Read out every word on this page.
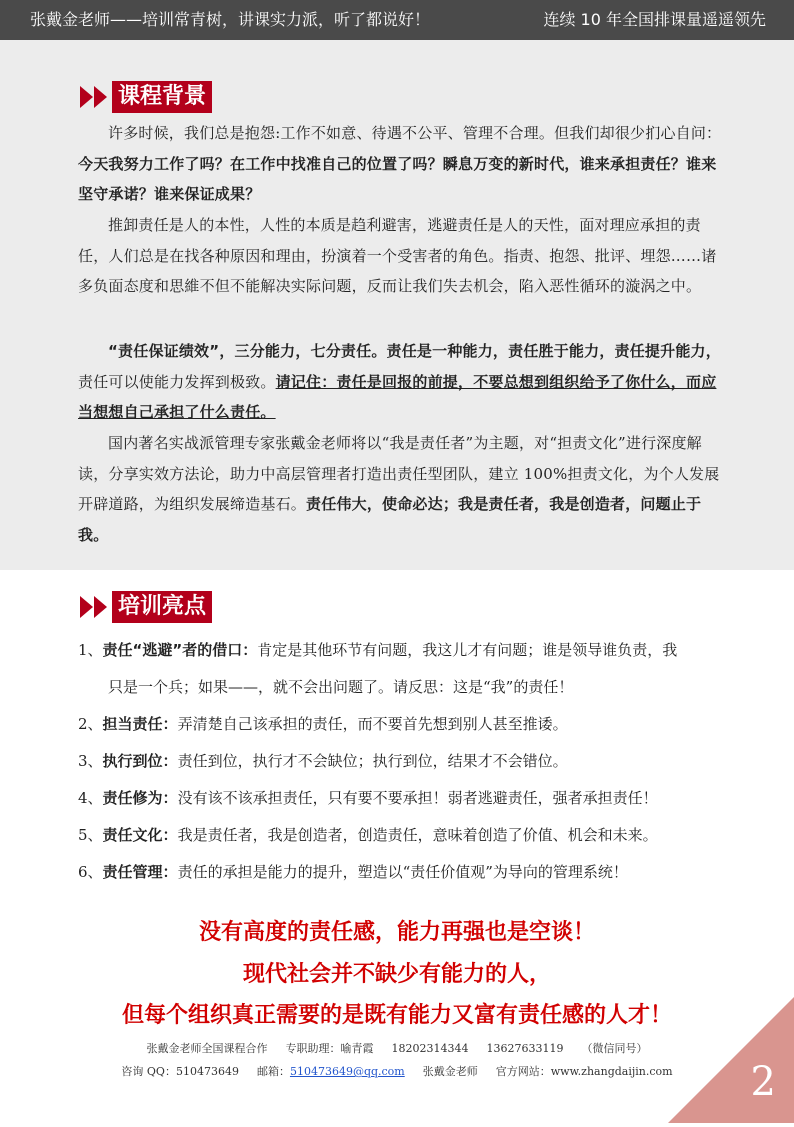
张戴金老师——培训常青树，讲课实力派，听了都说好！	连续 10 年全国排课量遥遥领先
课程背景
许多时候，我们总是抱怨:工作不如意、待遇不公平、管理不合理。但我们却很少扪心自问：今天我努力工作了吗？在工作中找准自己的位置了吗？瞬息万变的新时代，谁来承担责任？谁来坚守承诺？谁来保证成果？
推卸责任是人的本性，人性的本质是趋利避害，逃避责任是人的天性，面对理应承担的责任，人们总是在找各种原因和理由，扮演着一个受害者的角色。指责、抱怨、批评、埋怨……诸多负面态度和思維不但不能解决实际问题，反而让我们失去机会，陷入恶性循环的漩涡之中。
“责任保证绩效”，三分能力，七分责任。责任是一种能力，责任胜于能力，责任提升能力，责任可以使能力发挥到极致。请记住：责任是回报的前提，不要总想到组织给予了你什么，而应当想想自己承担了什么责任。
国内著名实战派管理专家张戴金老师将以“我是责任者”为主题，对“担责文化”进行深度解读，分享实效方法论，助力中高层管理者打造出责任型团队，建立 100%担责文化，为个人发展开辟道路，为组织发展缔造基石。责任伟大，使命必达；我是责任者，我是创造者，问题止于我。
培训亮点
1、责任“逃避”者的借口：肯定是其他环节有问题，我这儿才有问题；谁是领导谁负责，我
只是一个兵；如果——，就不会出问题了。请反思：这是“我”的责任！
2、担当责任：弄清楚自己该承担的责任，而不要首先想到别人甚至推诿。
3、执行到位：责任到位，执行才不会缺位；执行到位，结果才不会错位。
4、责任修为：没有该不该承担责任，只有要不要承担！弱者逃避责任，强者承担责任！
5、责任文化：我是责任者，我是创造者，创造责任，意味着创造了价值、机会和未来。
6、责任管理：责任的承担是能力的提升，塑造以“责任价值观”为导向的管理系统！
没有高度的责任感，能力再强也是空谈！
现代社会并不缺少有能力的人，
但每个组织真正需要的是既有能力又富有责任感的人才！
张戴金老师全国课程合作 专职助理：喻青霞 18202314344 13627633119 （微信同号）
咨询 QQ：510473649 邮箱：510473649@qq.com 张戴金老师 官方网站：www.zhangdaijin.com	2
